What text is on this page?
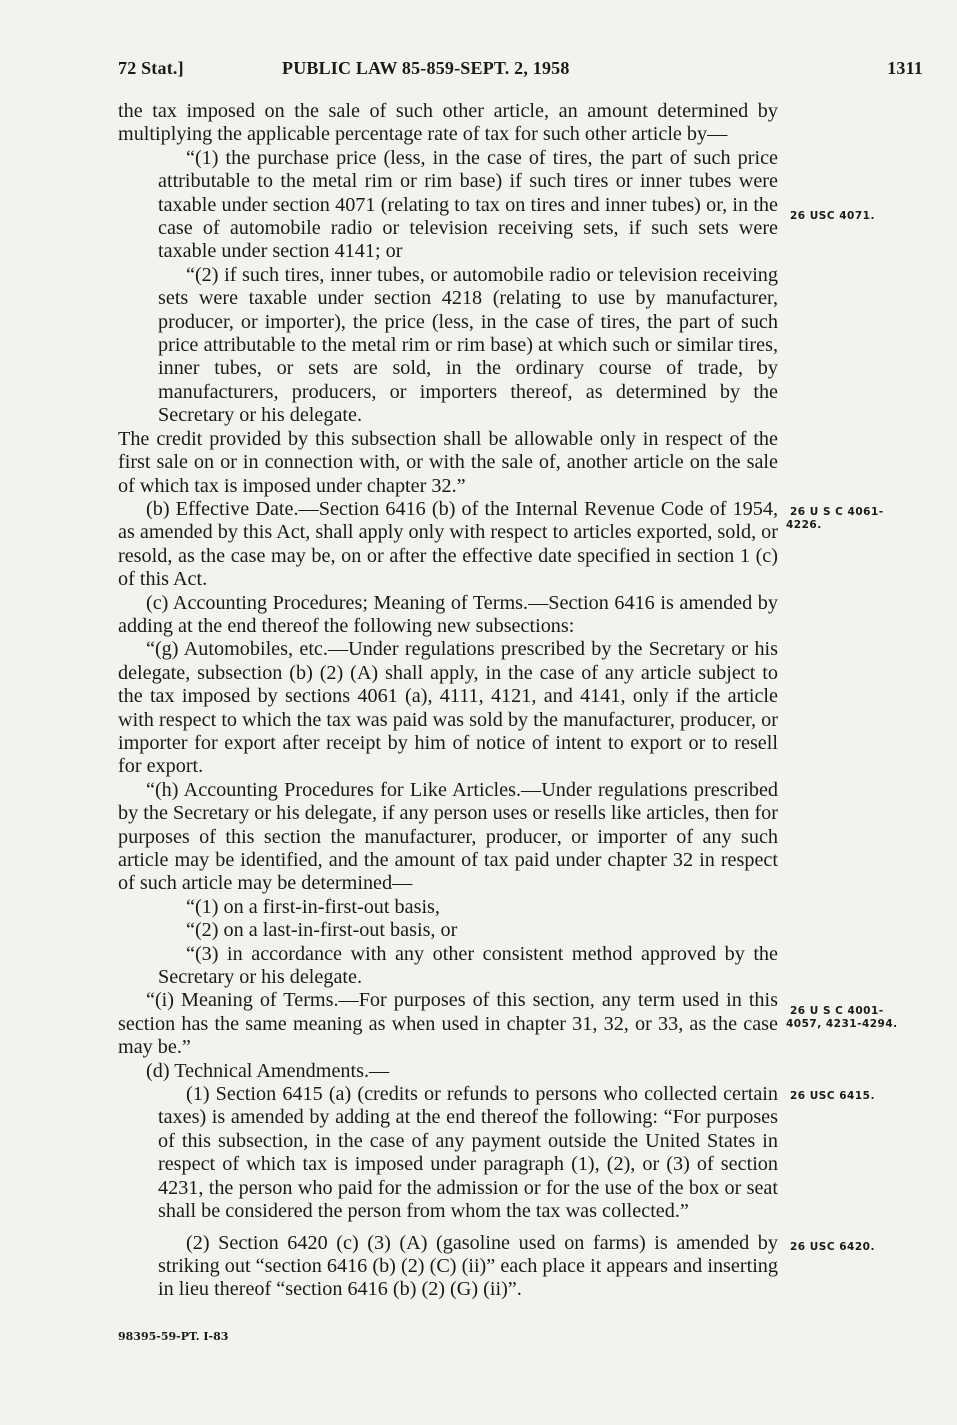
72 Stat.]	PUBLIC LAW 85-859-SEPT. 2, 1958	1311

the tax imposed on the sale of such other article, an amount determined by multiplying the applicable percentage rate of tax for such other article by—

“(1) the purchase price (less, in the case of tires, the part of such price attributable to the metal rim or rim base) if such tires or inner tubes were taxable under section 4071 (relating to tax on tires and inner tubes) or, in the case of automobile radio or television receiving sets, if such sets were taxable under section 4141; or

“(2) if such tires, inner tubes, or automobile radio or television receiving sets were taxable under section 4218 (relating to use by manufacturer, producer, or importer), the price (less, in the case of tires, the part of such price attributable to the metal rim or rim base) at which such or similar tires, inner tubes, or sets are sold, in the ordinary course of trade, by manufacturers, producers, or importers thereof, as determined by the Secretary or his delegate.

The credit provided by this subsection shall be allowable only in respect of the first sale on or in connection with, or with the sale of, another article on the sale of which tax is imposed under chapter 32.”

(b) Effective Date.—Section 6416 (b) of the Internal Revenue Code of 1954, as amended by this Act, shall apply only with respect to articles exported, sold, or resold, as the case may be, on or after the effective date specified in section 1 (c) of this Act.

(c) Accounting Procedures; Meaning of Terms.—Section 6416 is amended by adding at the end thereof the following new subsections:

“(g) Automobiles, etc.—Under regulations prescribed by the Secretary or his delegate, subsection (b) (2) (A) shall apply, in the case of any article subject to the tax imposed by sections 4061 (a), 4111, 4121, and 4141, only if the article with respect to which the tax was paid was sold by the manufacturer, producer, or importer for export after receipt by him of notice of intent to export or to resell for export.

“(h) Accounting Procedures for Like Articles.—Under regulations prescribed by the Secretary or his delegate, if any person uses or resells like articles, then for purposes of this section the manufacturer, producer, or importer of any such article may be identified, and the amount of tax paid under chapter 32 in respect of such article may be determined—

“(1) on a first-in-first-out basis,

“(2) on a last-in-first-out basis, or

“(3) in accordance with any other consistent method approved by the Secretary or his delegate.

“(i) Meaning of Terms.—For purposes of this section, any term used in this section has the same meaning as when used in chapter 31, 32, or 33, as the case may be.”

(d) Technical Amendments.—

(1) Section 6415 (a) (credits or refunds to persons who collected certain taxes) is amended by adding at the end thereof the following: “For purposes of this subsection, in the case of any payment outside the United States in respect of which tax is imposed under paragraph (1), (2), or (3) of section 4231, the person who paid for the admission or for the use of the box or seat shall be considered the person from whom the tax was collected.”

(2) Section 6420 (c) (3) (A) (gasoline used on farms) is amended by striking out “section 6416 (b) (2) (C) (ii)” each place it appears and inserting in lieu thereof “section 6416 (b) (2) (G) (ii)”.

26 USC 4071.
26 U S C 4061-
4226.
26 U S C 4001-
4057, 4231-4294.
26 USC 6415.
26 USC 6420.
98395-59-PT. I-83
